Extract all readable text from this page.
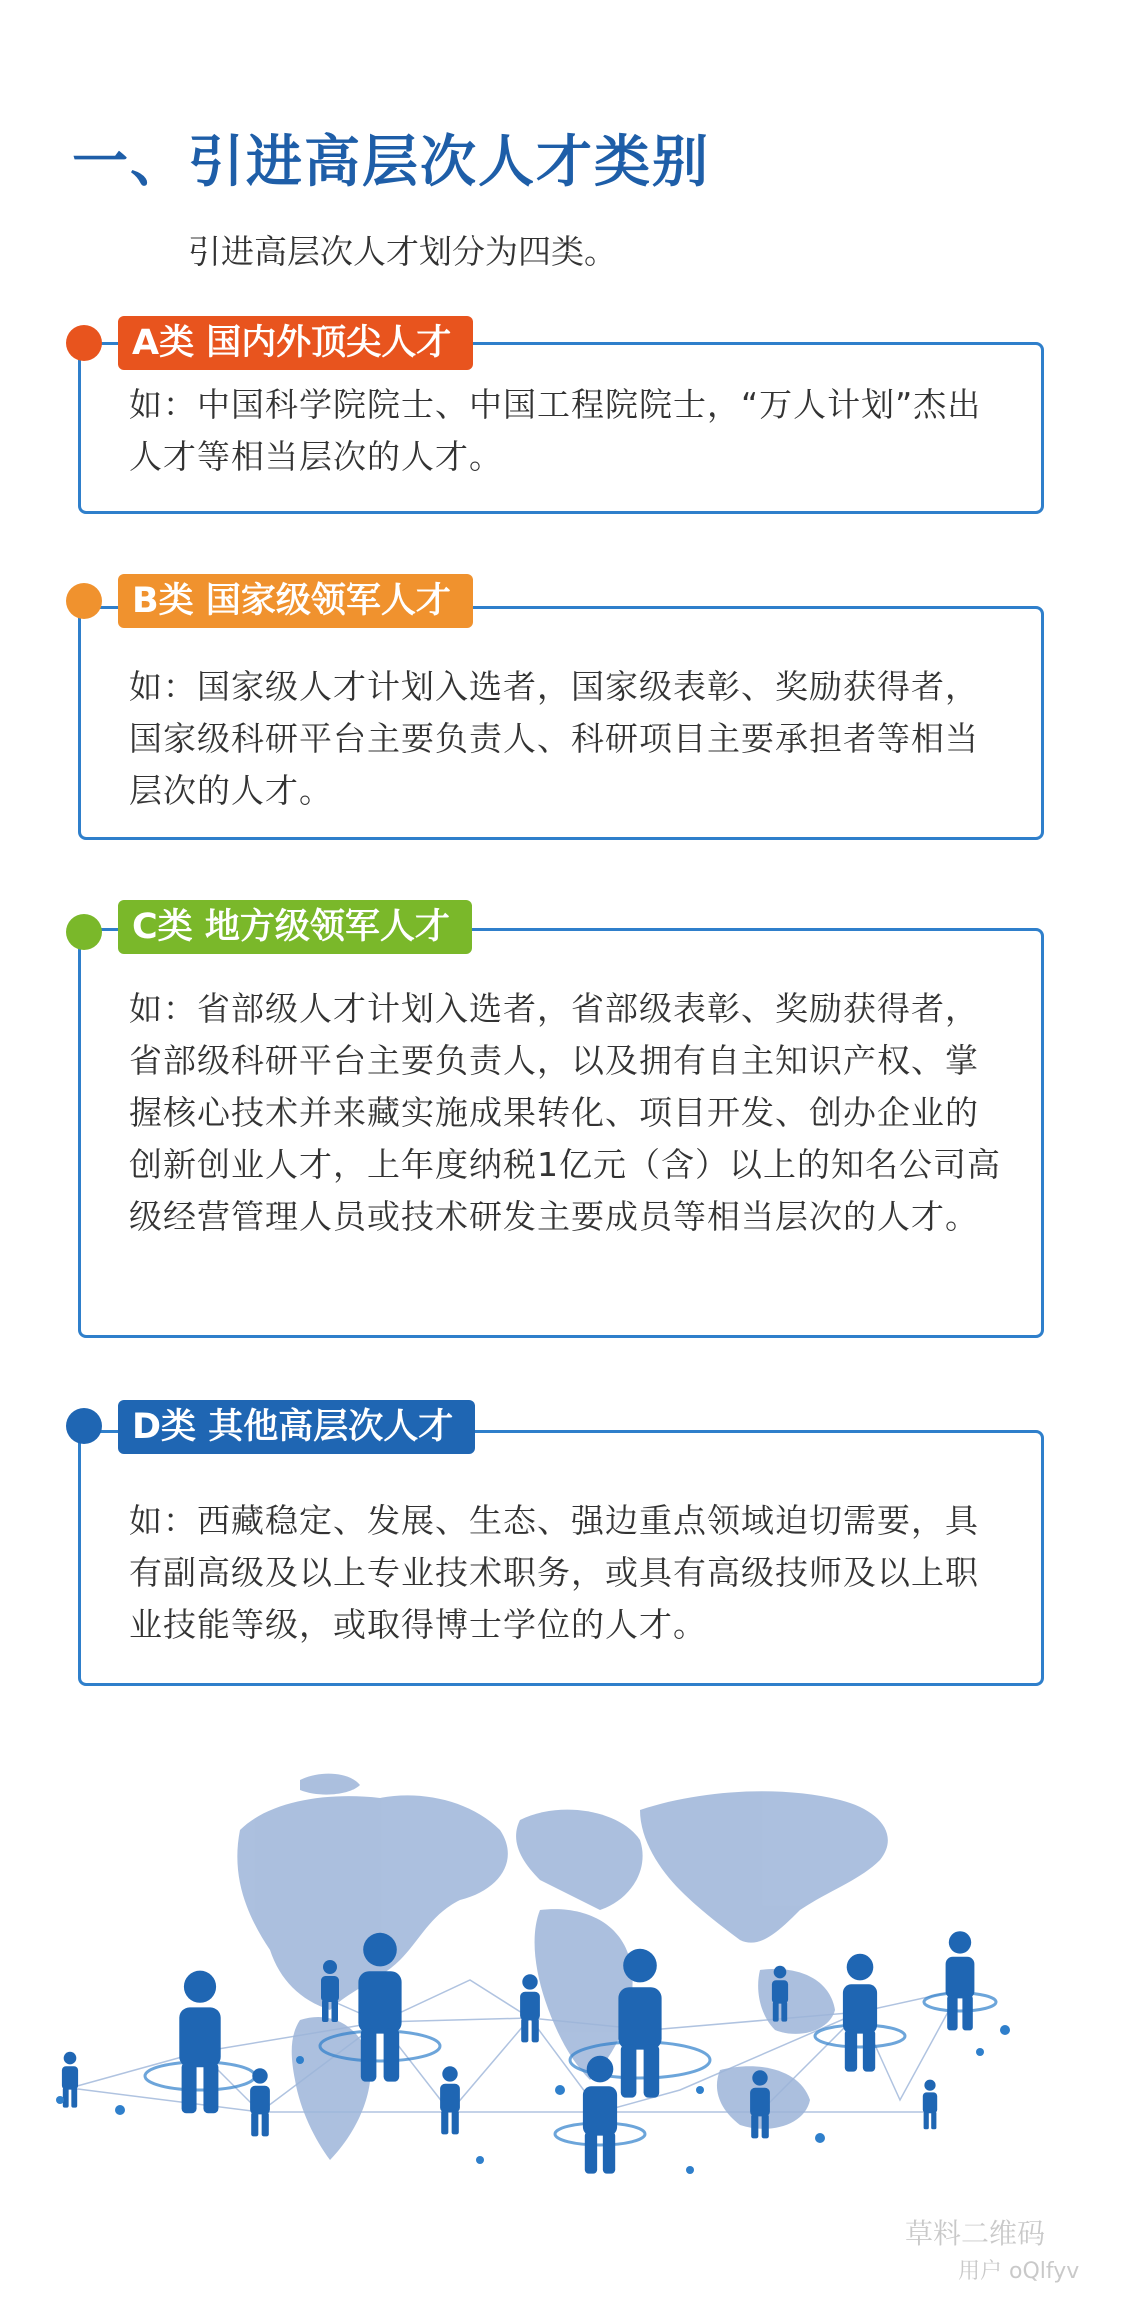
一、引进高层次人才类别
引进高层次人才划分为四类。
如：中国科学院院士、中国工程院院士，“万人计划”杰出人才等相当层次的人才。
A类 国内外顶尖人才
如：国家级人才计划入选者，国家级表彰、奖励获得者，国家级科研平台主要负责人、科研项目主要承担者等相当层次的人才。
B类 国家级领军人才
如：省部级人才计划入选者，省部级表彰、奖励获得者，省部级科研平台主要负责人，以及拥有自主知识产权、掌握核心技术并来藏实施成果转化、项目开发、创办企业的创新创业人才，上年度纳税1亿元（含）以上的知名公司高级经营管理人员或技术研发主要成员等相当层次的人才。
C类 地方级领军人才
如：西藏稳定、发展、生态、强边重点领域迫切需要，具有副高级及以上专业技术职务，或具有高级技师及以上职业技能等级，或取得博士学位的人才。
D类 其他高层次人才
草料二维码
用户 oQlfyv
